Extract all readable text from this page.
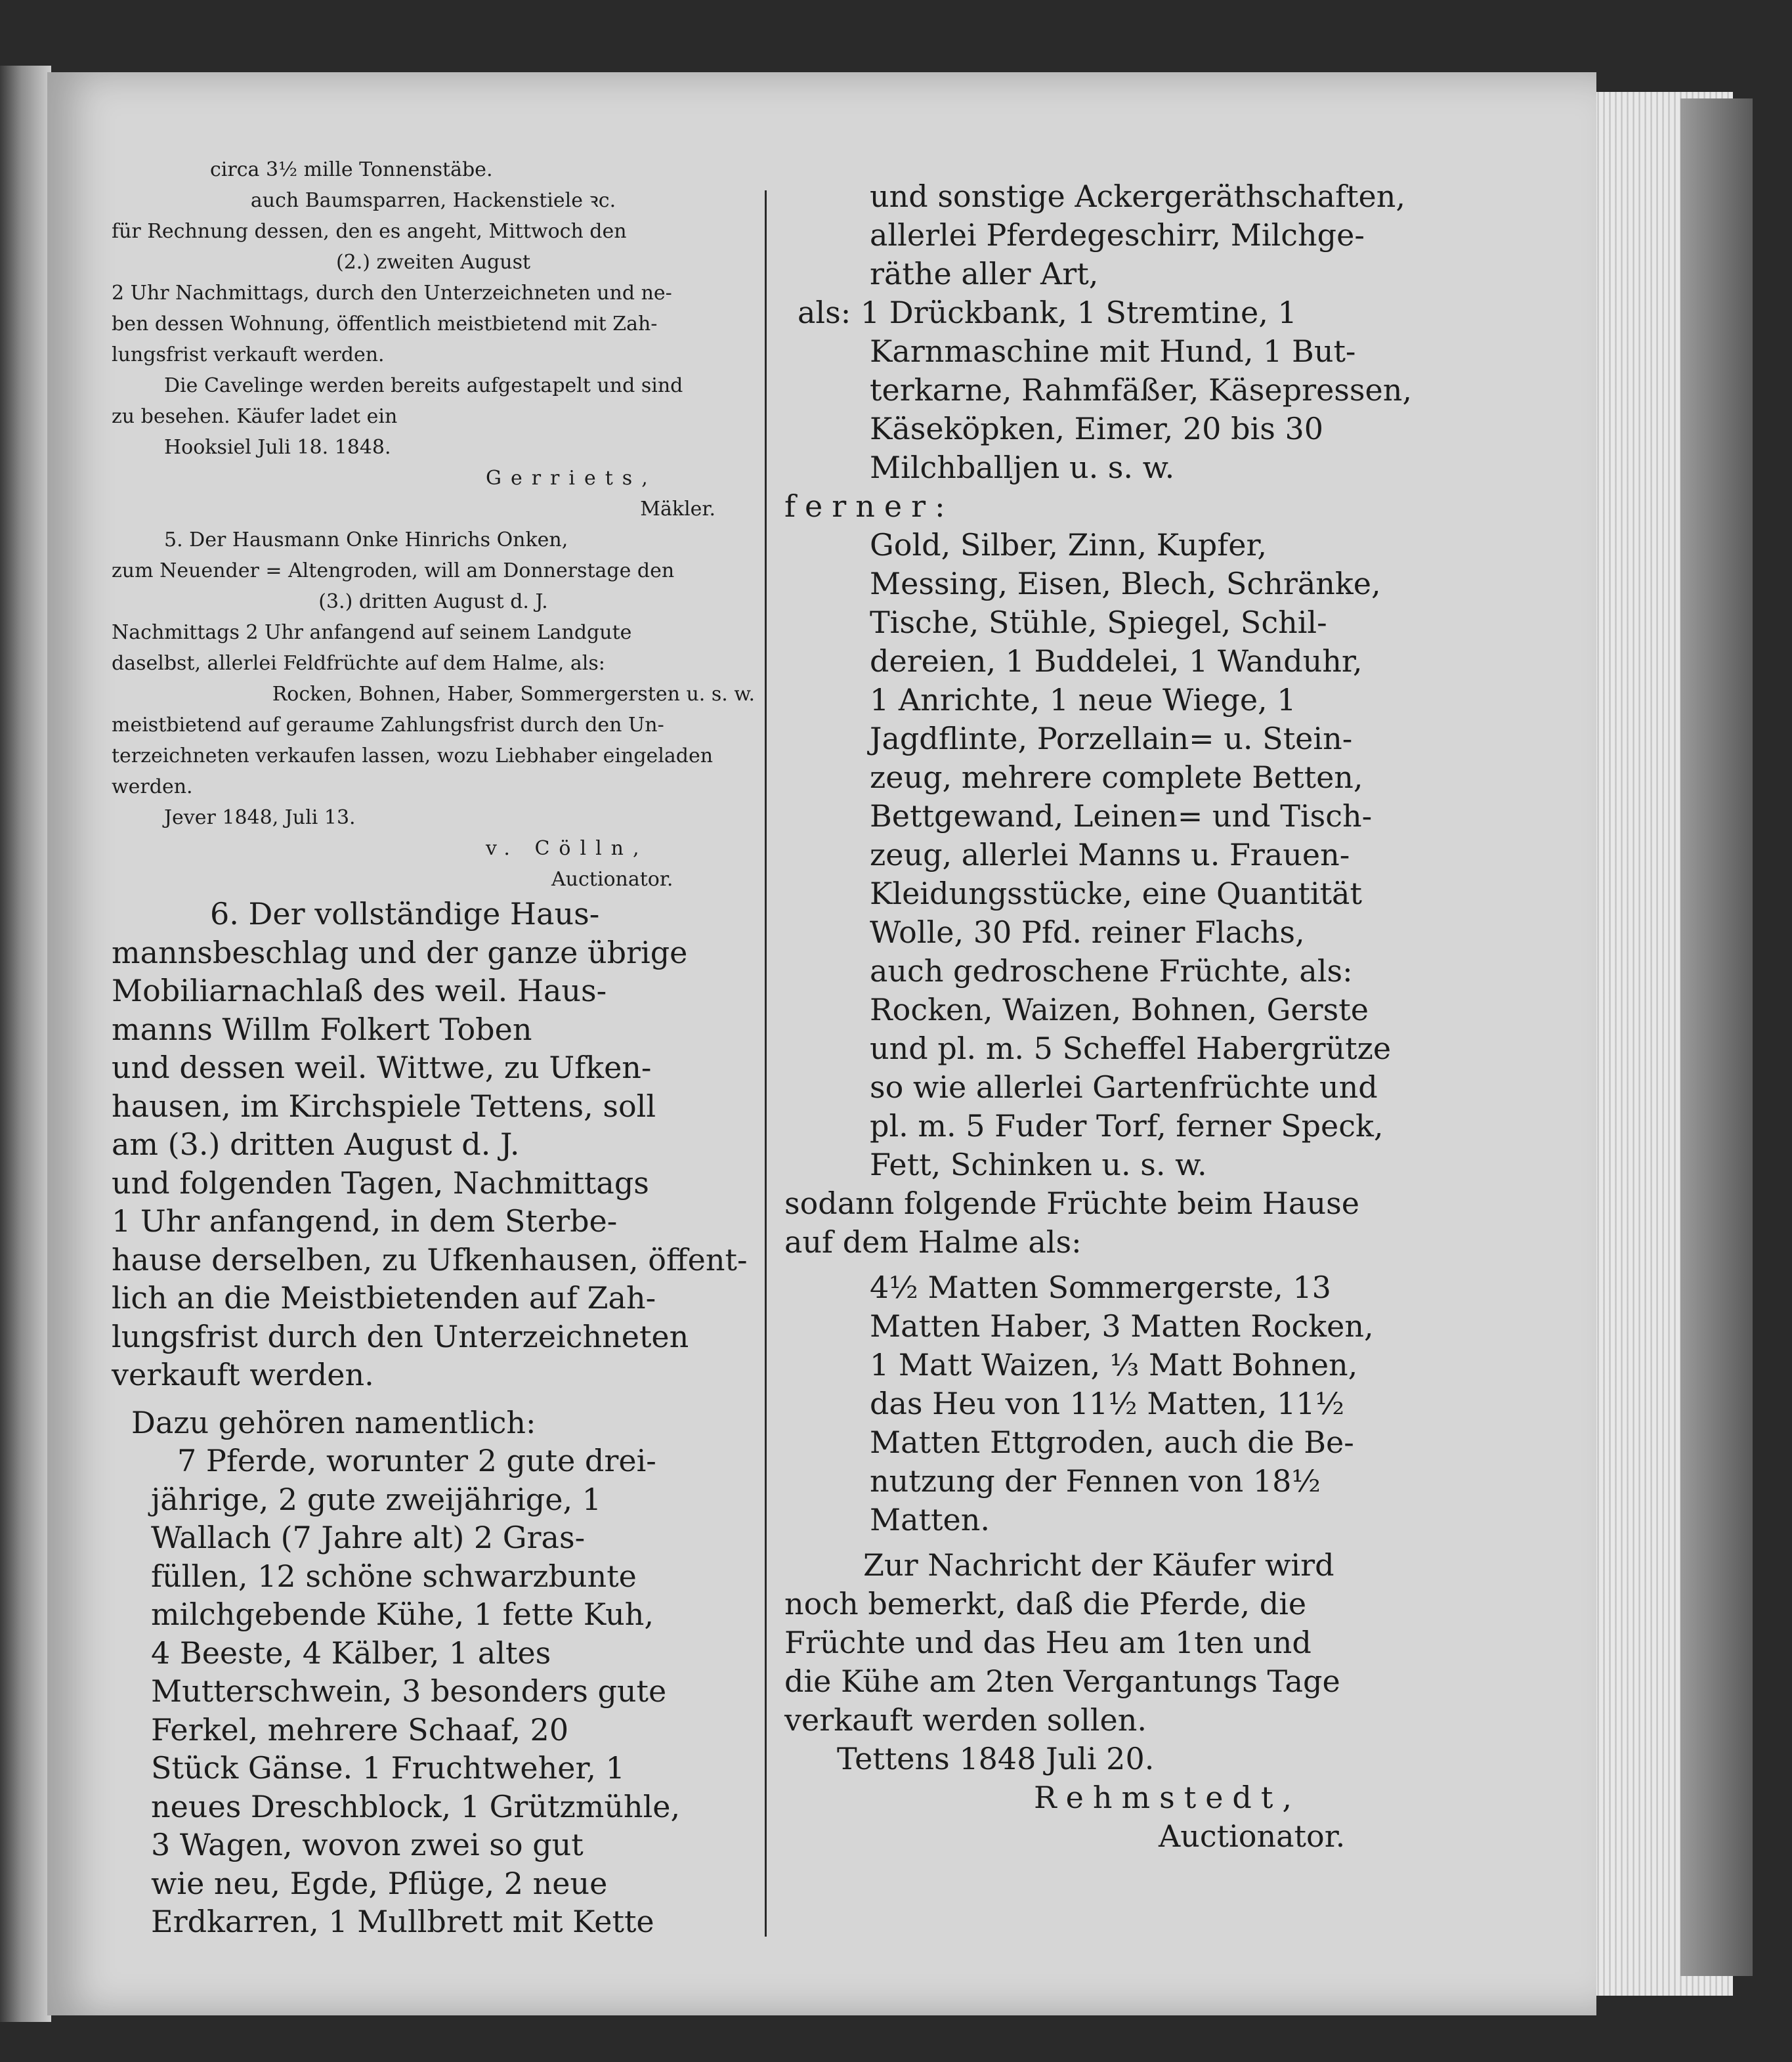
circa 3½ mille Tonnenstäbe.
auch Baumsparren, Hackenstiele ꝛc.
für Rechnung dessen, den es angeht, Mittwoch den
(2.) zweiten August
2 Uhr Nachmittags, durch den Unterzeichneten und ne-
ben dessen Wohnung, öffentlich meistbietend mit Zah-
lungsfrist verkauft werden.
Die Cavelinge werden bereits aufgestapelt und sind
zu besehen. Käufer ladet ein
Hooksiel Juli 18. 1848.
Gerriets,
Mäkler.
5. Der Hausmann Onke Hinrichs Onken,
zum Neuender = Altengroden, will am Donnerstage den
(3.) dritten August d. J.
Nachmittags 2 Uhr anfangend auf seinem Landgute
daselbst, allerlei Feldfrüchte auf dem Halme, als:
Rocken, Bohnen, Haber, Sommergersten u. s. w.
meistbietend auf geraume Zahlungsfrist durch den Un-
terzeichneten verkaufen lassen, wozu Liebhaber eingeladen
werden.
Jever 1848, Juli 13.
v. Cölln,
Auctionator.
6. Der vollständige Haus-
mannsbeschlag und der ganze übrige
Mobiliarnachlaß des weil. Haus-
manns Willm Folkert Toben
und dessen weil. Wittwe, zu Ufken-
hausen, im Kirchspiele Tettens, soll
am (3.) dritten August d. J.
und folgenden Tagen, Nachmittags
1 Uhr anfangend, in dem Sterbe-
hause derselben, zu Ufkenhausen, öffent-
lich an die Meistbietenden auf Zah-
lungsfrist durch den Unterzeichneten
verkauft werden.
Dazu gehören namentlich:
7 Pferde, worunter 2 gute drei-
jährige, 2 gute zweijährige, 1
Wallach (7 Jahre alt) 2 Gras-
füllen, 12 schöne schwarzbunte
milchgebende Kühe, 1 fette Kuh,
4 Beeste, 4 Kälber, 1 altes
Mutterschwein, 3 besonders gute
Ferkel, mehrere Schaaf, 20
Stück Gänse. 1 Fruchtweher, 1
neues Dreschblock, 1 Grützmühle,
3 Wagen, wovon zwei so gut
wie neu, Egde, Pflüge, 2 neue
Erdkarren, 1 Mullbrett mit Kette
und sonstige Ackergeräthschaften,
allerlei Pferdegeschirr, Milchge-
räthe aller Art,
als: 1 Drückbank, 1 Stremtine, 1
Karnmaschine mit Hund, 1 But-
terkarne, Rahmfäßer, Käsepressen,
Käseköpken, Eimer, 20 bis 30
Milchballjen u. s. w.
ferner:
Gold, Silber, Zinn, Kupfer,
Messing, Eisen, Blech, Schränke,
Tische, Stühle, Spiegel, Schil-
dereien, 1 Buddelei, 1 Wanduhr,
1 Anrichte, 1 neue Wiege, 1
Jagdflinte, Porzellain= u. Stein-
zeug, mehrere complete Betten,
Bettgewand, Leinen= und Tisch-
zeug, allerlei Manns u. Frauen-
Kleidungsstücke, eine Quantität
Wolle, 30 Pfd. reiner Flachs,
auch gedroschene Früchte, als:
Rocken, Waizen, Bohnen, Gerste
und pl. m. 5 Scheffel Habergrütze
so wie allerlei Gartenfrüchte und
pl. m. 5 Fuder Torf, ferner Speck,
Fett, Schinken u. s. w.
sodann folgende Früchte beim Hause
auf dem Halme als:
4½ Matten Sommergerste, 13
Matten Haber, 3 Matten Rocken,
1 Matt Waizen, ⅓ Matt Bohnen,
das Heu von 11½ Matten, 11½
Matten Ettgroden, auch die Be-
nutzung der Fennen von 18½
Matten.
Zur Nachricht der Käufer wird
noch bemerkt, daß die Pferde, die
Früchte und das Heu am 1ten und
die Kühe am 2ten Vergantungs Tage
verkauft werden sollen.
Tettens 1848 Juli 20.
Rehmstedt,
Auctionator.
